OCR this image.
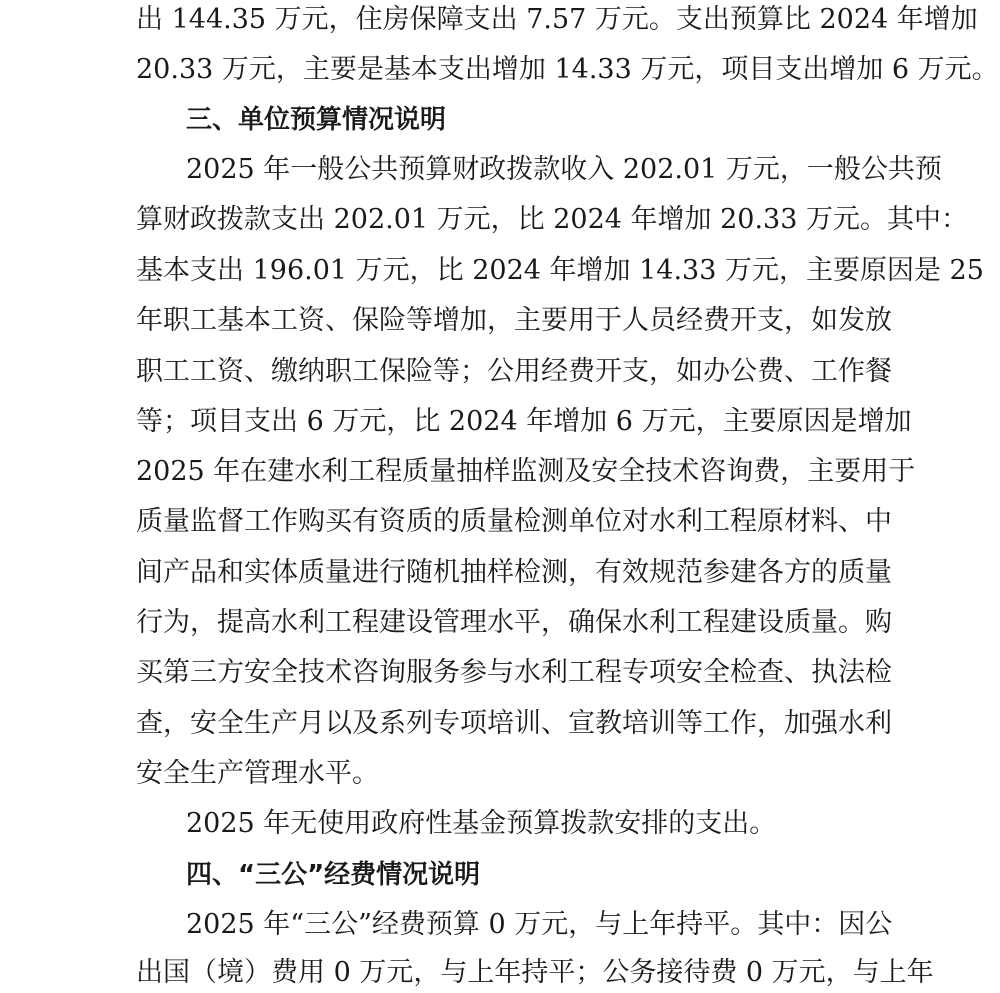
出 144.35 万元，住房保障支出 7.57 万元。支出预算比 2024 年增加
20.33 万元，主要是基本支出增加 14.33 万元，项目支出增加 6 万元。
三、单位预算情况说明
2025 年一般公共预算财政拨款收入 202.01 万元，一般公共预
算财政拨款支出 202.01 万元，比 2024 年增加 20.33 万元。其中：
基本支出 196.01 万元，比 2024 年增加 14.33 万元，主要原因是 25
年职工基本工资、保险等增加，主要用于人员经费开支，如发放
职工工资、缴纳职工保险等；公用经费开支，如办公费、工作餐
等；项目支出 6 万元，比 2024 年增加 6 万元，主要原因是增加
2025 年在建水利工程质量抽样监测及安全技术咨询费，主要用于
质量监督工作购买有资质的质量检测单位对水利工程原材料、中
间产品和实体质量进行随机抽样检测，有效规范参建各方的质量
行为，提高水利工程建设管理水平，确保水利工程建设质量。购
买第三方安全技术咨询服务参与水利工程专项安全检查、执法检
查，安全生产月以及系列专项培训、宣教培训等工作，加强水利
安全生产管理水平。
2025 年无使用政府性基金预算拨款安排的支出。
四、“三公”经费情况说明
2025 年“三公”经费预算 0 万元，与上年持平。其中：因公
出国（境）费用 0 万元，与上年持平；公务接待费 0 万元，与上年
